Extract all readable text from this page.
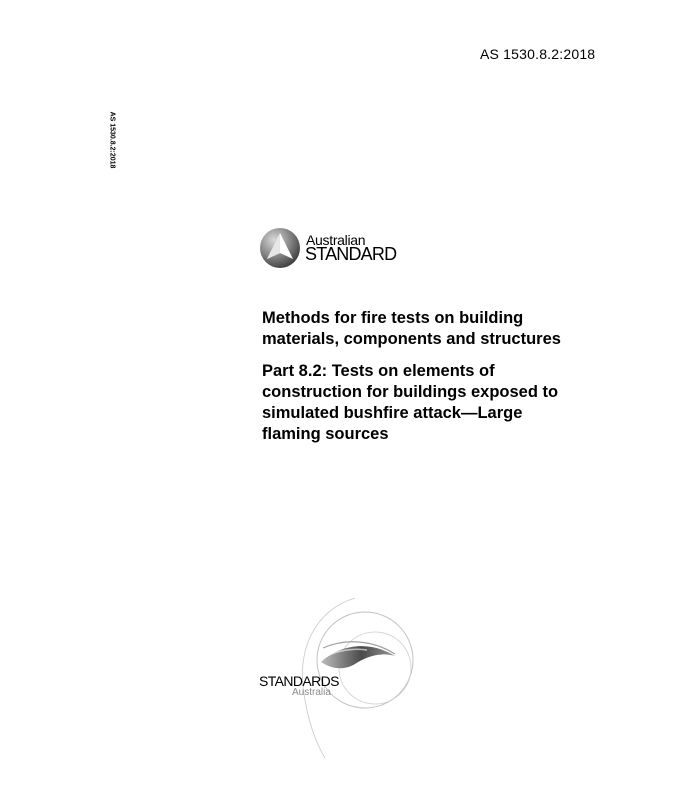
AS 1530.8.2:2018
AS 1530.8.2:2018
Australian
STANDARD

Methods for fire tests on building
materials, components and structures

Part 8.2: Tests on elements of
construction for buildings exposed to
simulated bushfire attack—Large
flaming sources

STANDARDS
Australia
